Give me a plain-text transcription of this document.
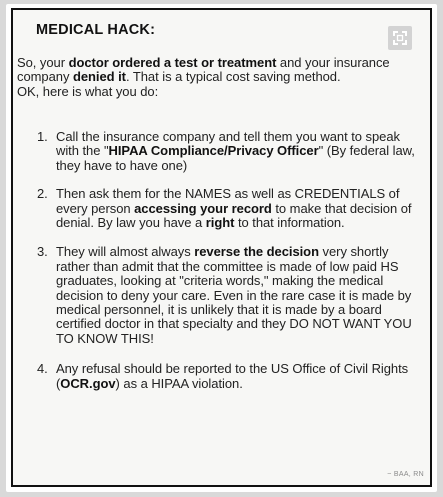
MEDICAL HACK:

So, your doctor ordered a test or treatment and your insurance company denied it. That is a typical cost saving method.

OK, here is what you do:

1. Call the insurance company and tell them you want to speak with the "HIPAA Compliance/Privacy Officer" (By federal law, they have to have one)
2. Then ask them for the NAMES as well as CREDENTIALS of every person accessing your record to make that decision of denial. By law you have a right to that information.
3. They will almost always reverse the decision very shortly rather than admit that the committee is made of low paid HS graduates, looking at "criteria words," making the medical decision to deny your care. Even in the rare case it is made by medical personnel, it is unlikely that it is made by a board certified doctor in that specialty and they DO NOT WANT YOU TO KNOW THIS!
4. Any refusal should be reported to the US Office of Civil Rights (OCR.gov) as a HIPAA violation.
~ BAA, RN
